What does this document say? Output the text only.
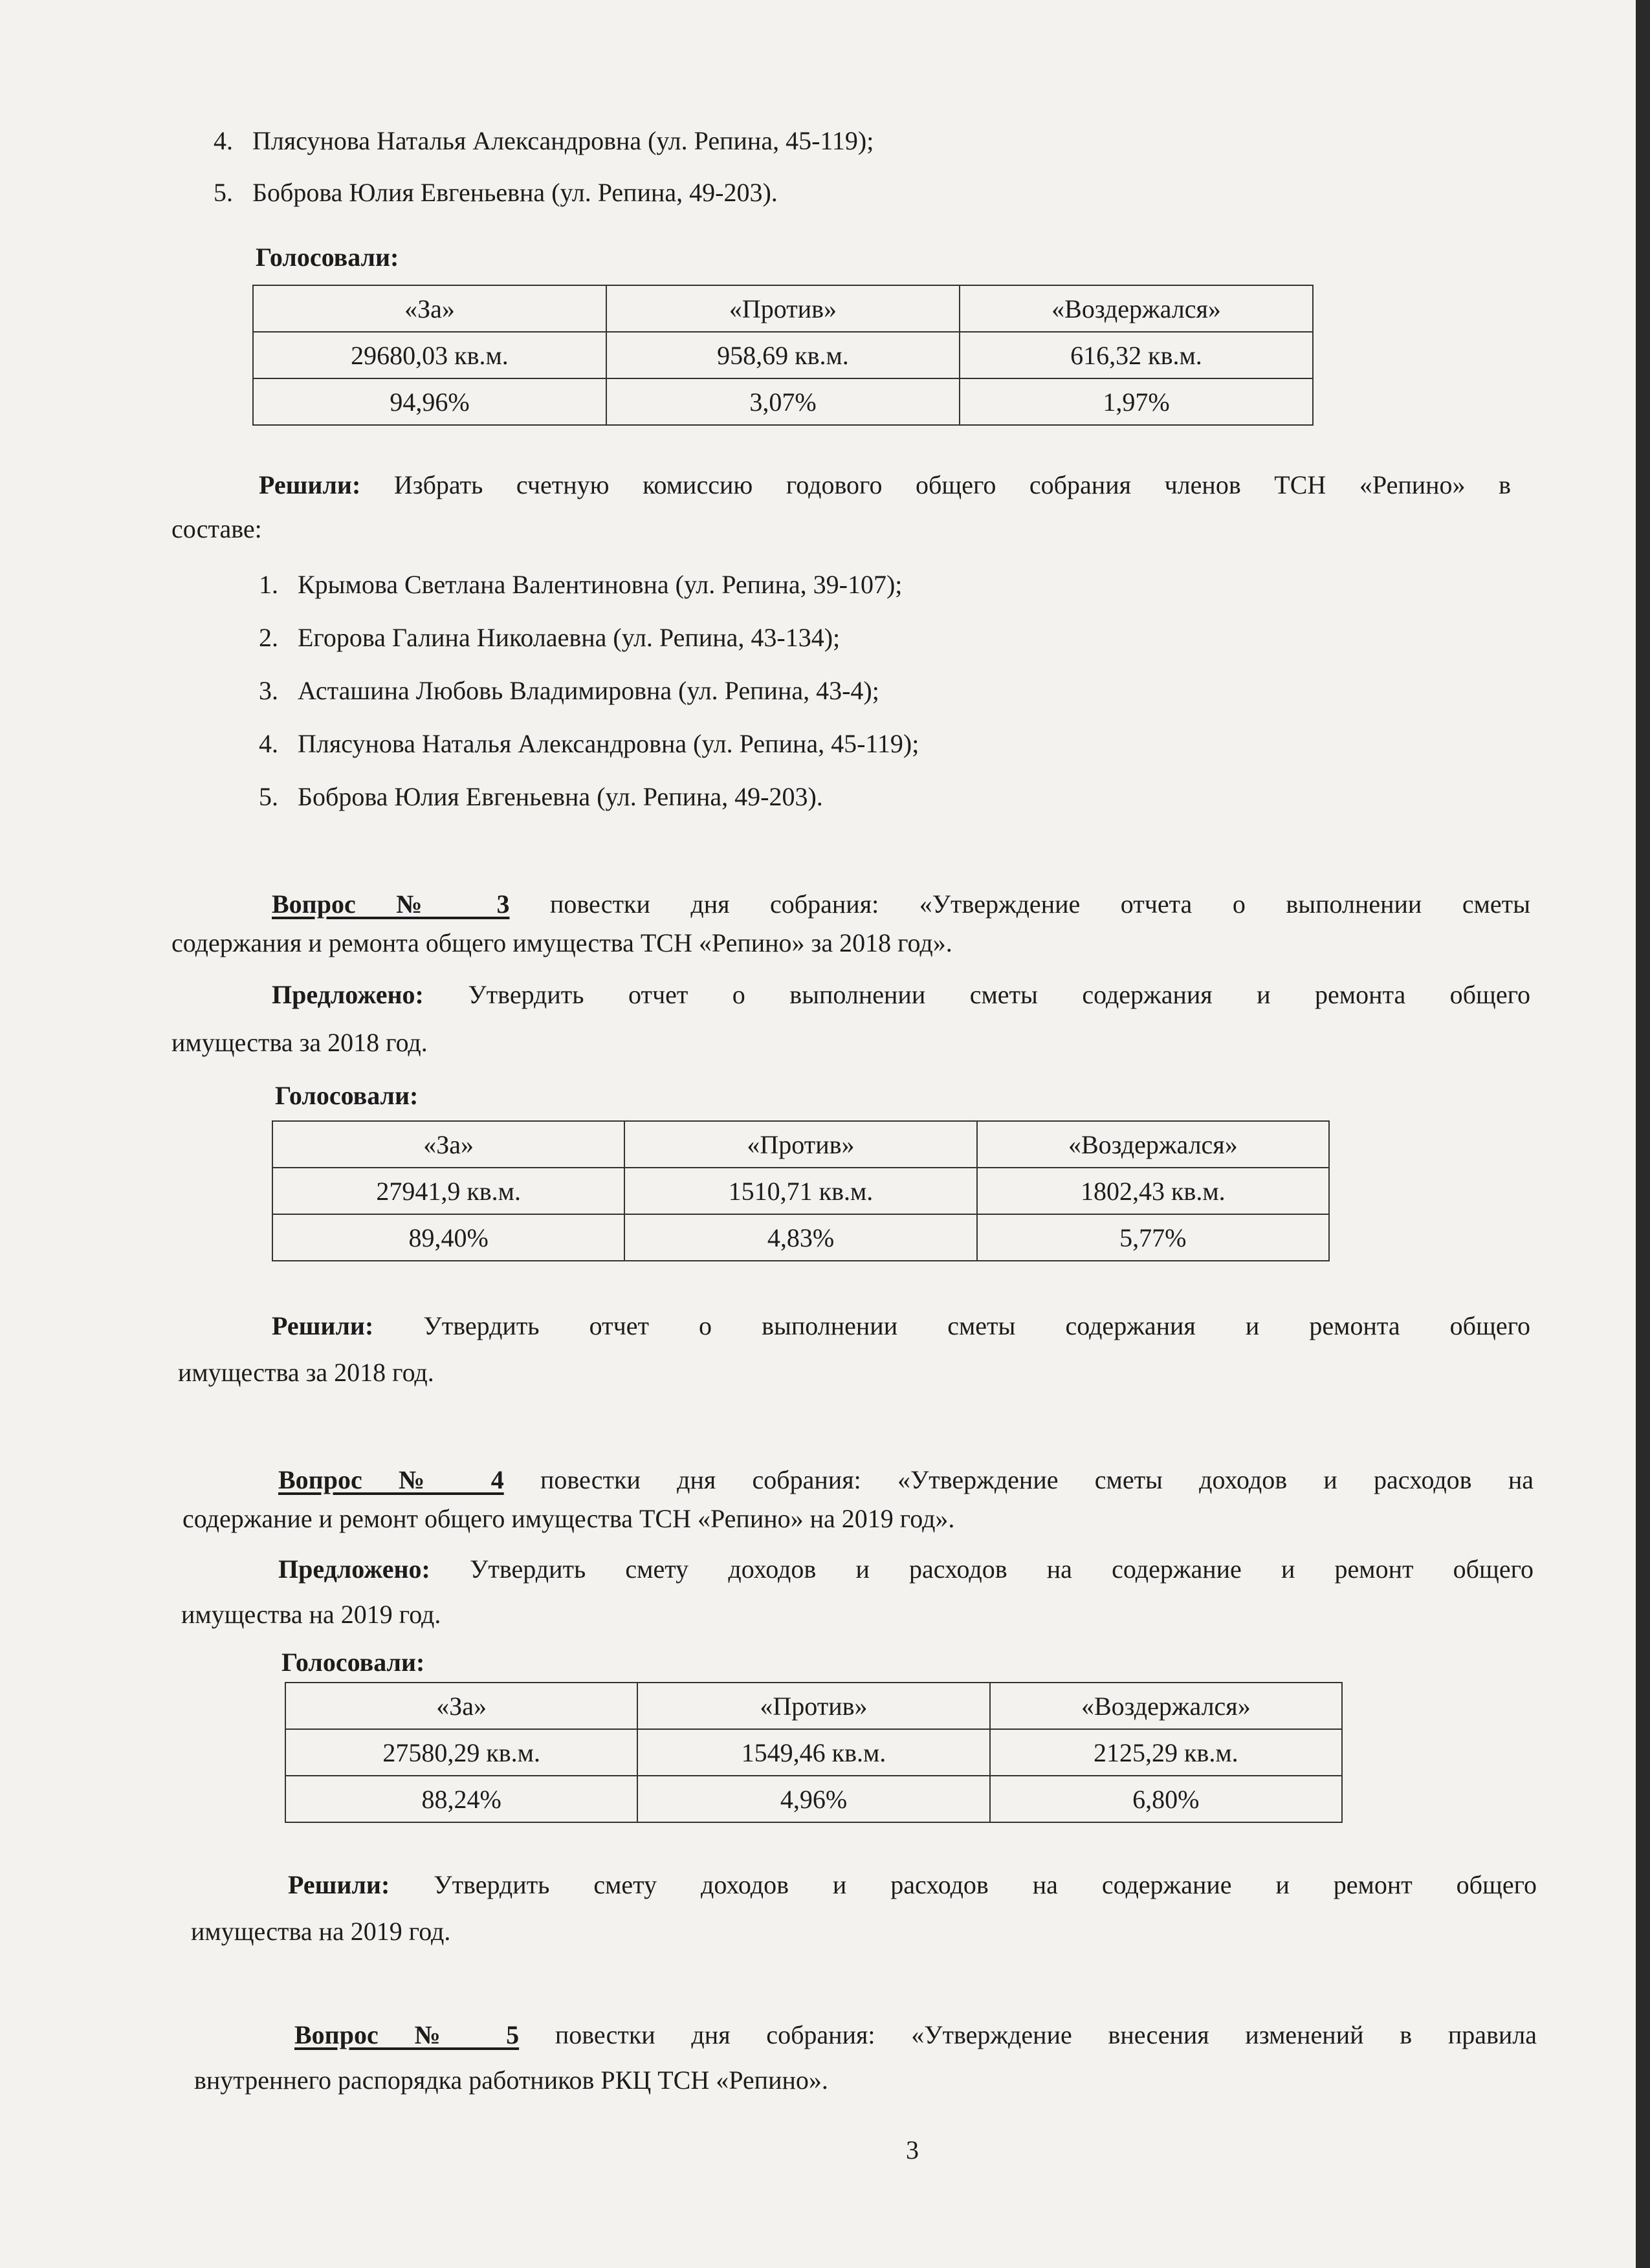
4. Плясунова Наталья Александровна (ул. Репина, 45-119);
5. Боброва Юлия Евгеньевна (ул. Репина, 49-203).
Голосовали:
«За»	«Против»	«Воздержался»
29680,03 кв.м.	958,69 кв.м.	616,32 кв.м.
94,96%	3,07%	1,97%
Решили: Избрать счетную комиссию годового общего собрания членов ТСН «Репино» в
составе:
1. Крымова Светлана Валентиновна (ул. Репина, 39-107);
2. Егорова Галина Николаевна (ул. Репина, 43-134);
3. Асташина Любовь Владимировна (ул. Репина, 43-4);
4. Плясунова Наталья Александровна (ул. Репина, 45-119);
5. Боброва Юлия Евгеньевна (ул. Репина, 49-203).
Вопрос № 3 повестки дня собрания: «Утверждение отчета о выполнении сметы
содержания и ремонта общего имущества ТСН «Репино» за 2018 год».
Предложено: Утвердить отчет о выполнении сметы содержания и ремонта общего
имущества за 2018 год.
Голосовали:
«За»	«Против»	«Воздержался»
27941,9 кв.м.	1510,71 кв.м.	1802,43 кв.м.
89,40%	4,83%	5,77%
Решили: Утвердить отчет о выполнении сметы содержания и ремонта общего
имущества за 2018 год.
Вопрос № 4 повестки дня собрания: «Утверждение сметы доходов и расходов на
содержание и ремонт общего имущества ТСН «Репино» на 2019 год».
Предложено: Утвердить смету доходов и расходов на содержание и ремонт общего
имущества на 2019 год.
Голосовали:
«За»	«Против»	«Воздержался»
27580,29 кв.м.	1549,46 кв.м.	2125,29 кв.м.
88,24%	4,96%	6,80%
Решили: Утвердить смету доходов и расходов на содержание и ремонт общего
имущества на 2019 год.
Вопрос № 5 повестки дня собрания: «Утверждение внесения изменений в правила
внутреннего распорядка работников РКЦ ТСН «Репино».
3
